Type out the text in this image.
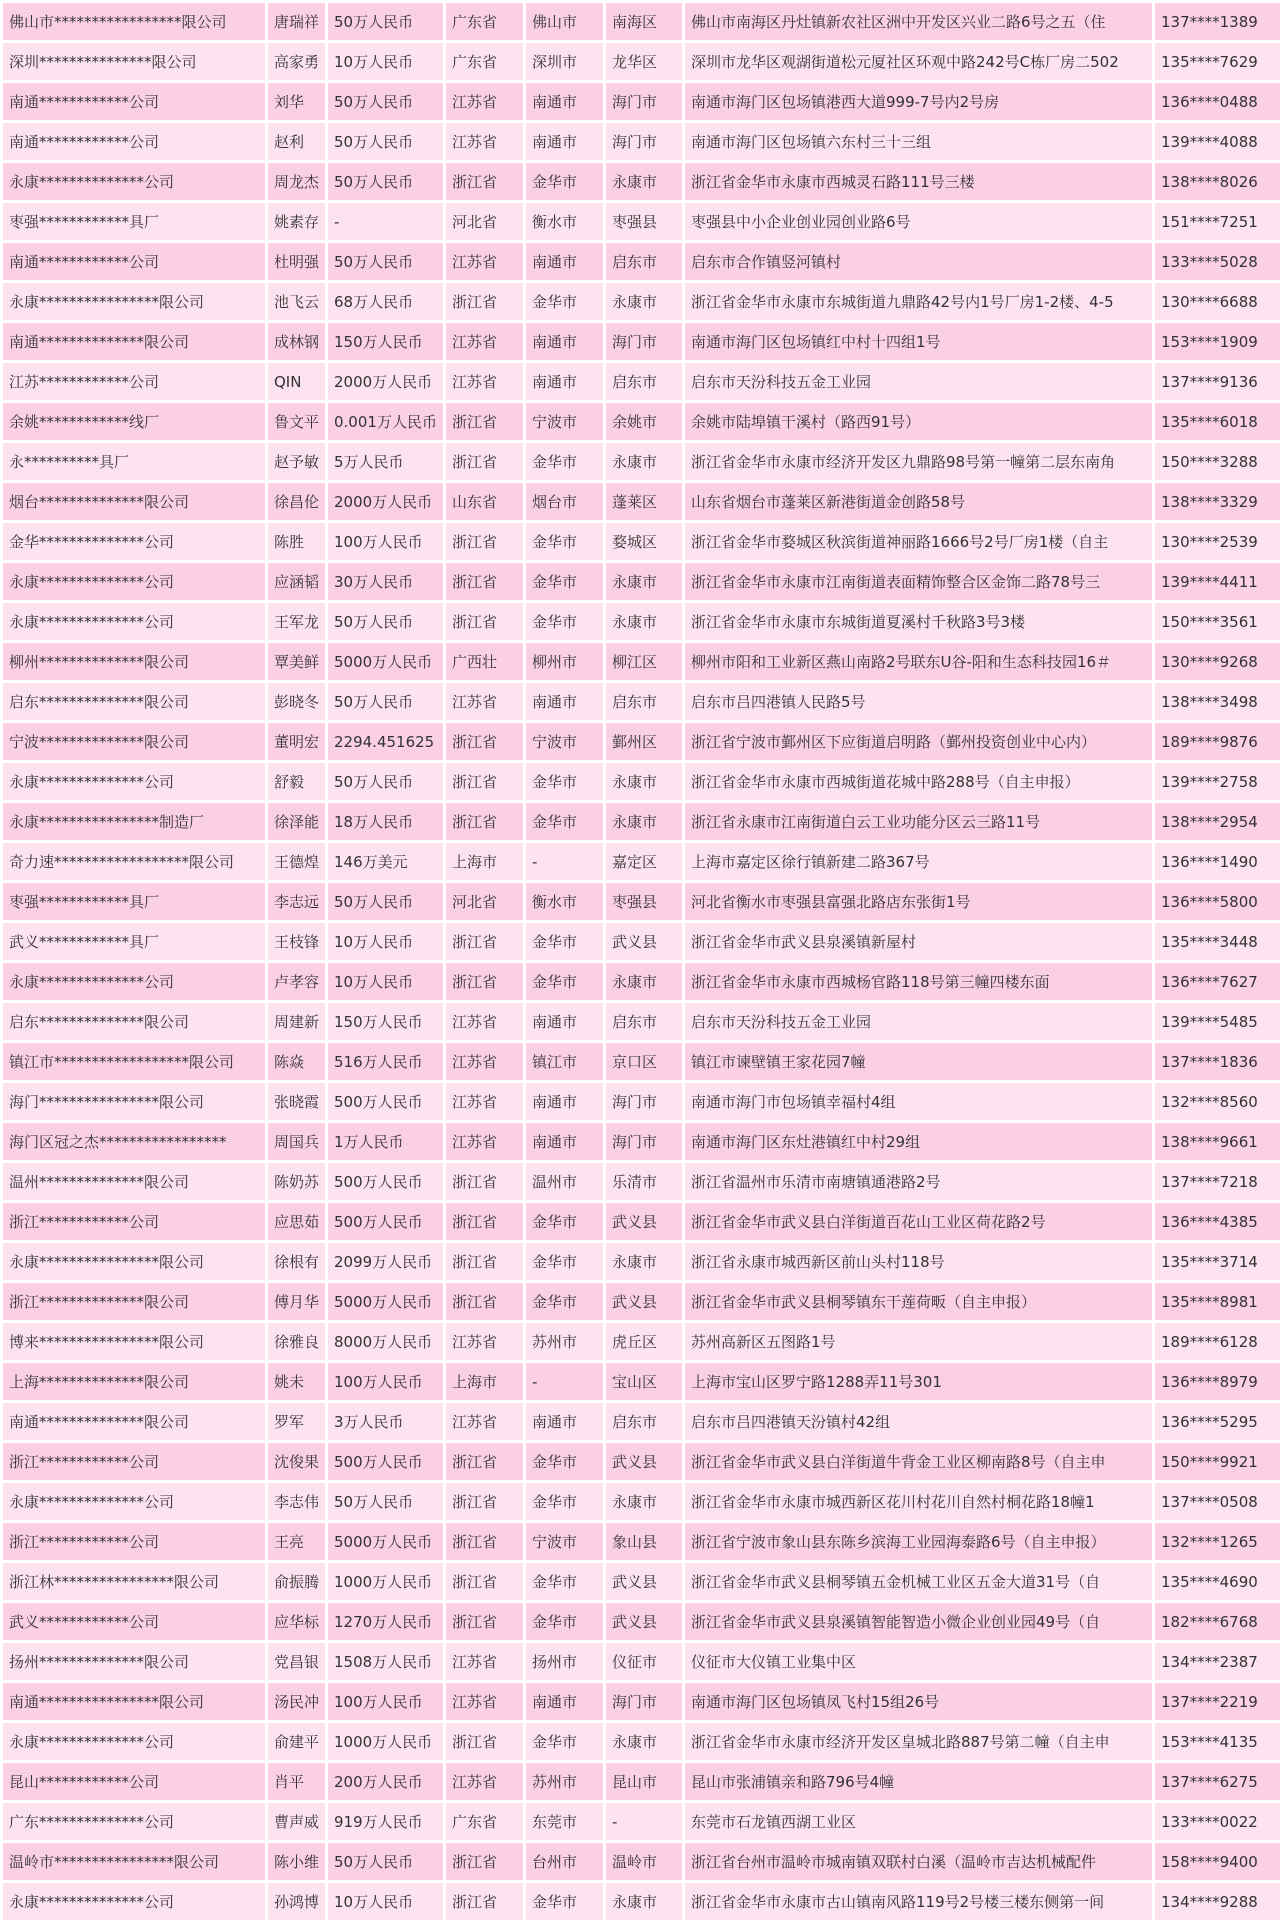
佛山市*****************限公司	唐瑞祥	50万人民币	广东省	佛山市	南海区	佛山市南海区丹灶镇新农社区洲中开发区兴业二路6号之五（住	137****1389
深圳***************限公司	高家勇	10万人民币	广东省	深圳市	龙华区	深圳市龙华区观湖街道松元厦社区环观中路242号C栋厂房二502	135****7629
南通************公司	刘华	50万人民币	江苏省	南通市	海门市	南通市海门区包场镇港西大道999-7号内2号房	136****0488
南通************公司	赵利	50万人民币	江苏省	南通市	海门市	南通市海门区包场镇六东村三十三组	139****4088
永康**************公司	周龙杰	50万人民币	浙江省	金华市	永康市	浙江省金华市永康市西城灵石路111号三楼	138****8026
枣强************具厂	姚素存	-	河北省	衡水市	枣强县	枣强县中小企业创业园创业路6号	151****7251
南通************公司	杜明强	50万人民币	江苏省	南通市	启东市	启东市合作镇竖河镇村	133****5028
永康****************限公司	池飞云	68万人民币	浙江省	金华市	永康市	浙江省金华市永康市东城街道九鼎路42号内1号厂房1-2楼、4-5	130****6688
南通**************限公司	成林钢	150万人民币	江苏省	南通市	海门市	南通市海门区包场镇红中村十四组1号	153****1909
江苏************公司	QIN	2000万人民币	江苏省	南通市	启东市	启东市天汾科技五金工业园	137****9136
余姚************线厂	鲁文平	0.001万人民币	浙江省	宁波市	余姚市	余姚市陆埠镇干溪村（路西91号）	135****6018
永**********具厂	赵予敏	5万人民币	浙江省	金华市	永康市	浙江省金华市永康市经济开发区九鼎路98号第一幢第二层东南角	150****3288
烟台**************限公司	徐昌伦	2000万人民币	山东省	烟台市	蓬莱区	山东省烟台市蓬莱区新港街道金创路58号	138****3329
金华**************公司	陈胜	100万人民币	浙江省	金华市	婺城区	浙江省金华市婺城区秋滨街道神丽路1666号2号厂房1楼（自主	130****2539
永康**************公司	应涵韬	30万人民币	浙江省	金华市	永康市	浙江省金华市永康市江南街道表面精饰整合区金饰二路78号三	139****4411
永康**************公司	王军龙	50万人民币	浙江省	金华市	永康市	浙江省金华市永康市东城街道夏溪村千秋路3号3楼	150****3561
柳州**************限公司	覃美鲜	5000万人民币	广西壮	柳州市	柳江区	柳州市阳和工业新区燕山南路2号联东U谷-阳和生态科技园16＃	130****9268
启东**************限公司	彭晓冬	50万人民币	江苏省	南通市	启东市	启东市吕四港镇人民路5号	138****3498
宁波**************限公司	董明宏	2294.451625	浙江省	宁波市	鄞州区	浙江省宁波市鄞州区下应街道启明路（鄞州投资创业中心内）	189****9876
永康**************公司	舒毅	50万人民币	浙江省	金华市	永康市	浙江省金华市永康市西城街道花城中路288号（自主申报）	139****2758
永康****************制造厂	徐泽能	18万人民币	浙江省	金华市	永康市	浙江省永康市江南街道白云工业功能分区云三路11号	138****2954
奇力速******************限公司	王德煌	146万美元	上海市	-	嘉定区	上海市嘉定区徐行镇新建二路367号	136****1490
枣强************具厂	李志远	50万人民币	河北省	衡水市	枣强县	河北省衡水市枣强县富强北路店东张街1号	136****5800
武义************具厂	王枝锋	10万人民币	浙江省	金华市	武义县	浙江省金华市武义县泉溪镇新屋村	135****3448
永康**************公司	卢孝容	10万人民币	浙江省	金华市	永康市	浙江省金华市永康市西城杨官路118号第三幢四楼东面	136****7627
启东**************限公司	周建新	150万人民币	江苏省	南通市	启东市	启东市天汾科技五金工业园	139****5485
镇江市******************限公司	陈焱	516万人民币	江苏省	镇江市	京口区	镇江市谏壁镇王家花园7幢	137****1836
海门****************限公司	张晓霞	500万人民币	江苏省	南通市	海门市	南通市海门市包场镇幸福村4组	132****8560
海门区冠之杰*****************	周国兵	1万人民币	江苏省	南通市	海门市	南通市海门区东灶港镇红中村29组	138****9661
温州**************限公司	陈奶苏	500万人民币	浙江省	温州市	乐清市	浙江省温州市乐清市南塘镇通港路2号	137****7218
浙江************公司	应思茹	500万人民币	浙江省	金华市	武义县	浙江省金华市武义县白洋街道百花山工业区荷花路2号	136****4385
永康****************限公司	徐根有	2099万人民币	浙江省	金华市	永康市	浙江省永康市城西新区前山头村118号	135****3714
浙江**************限公司	傅月华	5000万人民币	浙江省	金华市	武义县	浙江省金华市武义县桐琴镇东干莲荷畈（自主申报）	135****8981
博来****************限公司	徐雅良	8000万人民币	江苏省	苏州市	虎丘区	苏州高新区五图路1号	189****6128
上海**************限公司	姚未	100万人民币	上海市	-	宝山区	上海市宝山区罗宁路1288弄11号301	136****8979
南通**************限公司	罗军	3万人民币	江苏省	南通市	启东市	启东市吕四港镇天汾镇村42组	136****5295
浙江************公司	沈俊果	500万人民币	浙江省	金华市	武义县	浙江省金华市武义县白洋街道牛背金工业区柳南路8号（自主申	150****9921
永康**************公司	李志伟	50万人民币	浙江省	金华市	永康市	浙江省金华市永康市城西新区花川村花川自然村桐花路18幢1	137****0508
浙江************公司	王亮	5000万人民币	浙江省	宁波市	象山县	浙江省宁波市象山县东陈乡滨海工业园海泰路6号（自主申报）	132****1265
浙江林****************限公司	俞振腾	1000万人民币	浙江省	金华市	武义县	浙江省金华市武义县桐琴镇五金机械工业区五金大道31号（自	135****4690
武义************公司	应华标	1270万人民币	浙江省	金华市	武义县	浙江省金华市武义县泉溪镇智能智造小微企业创业园49号（自	182****6768
扬州**************限公司	党昌银	1508万人民币	江苏省	扬州市	仪征市	仪征市大仪镇工业集中区	134****2387
南通****************限公司	汤民冲	100万人民币	江苏省	南通市	海门市	南通市海门区包场镇凤飞村15组26号	137****2219
永康**************公司	俞建平	1000万人民币	浙江省	金华市	永康市	浙江省金华市永康市经济开发区皇城北路887号第二幢（自主申	153****4135
昆山************公司	肖平	200万人民币	江苏省	苏州市	昆山市	昆山市张浦镇亲和路796号4幢	137****6275
广东**************公司	曹声威	919万人民币	广东省	东莞市	-	东莞市石龙镇西湖工业区	133****0022
温岭市****************限公司	陈小维	50万人民币	浙江省	台州市	温岭市	浙江省台州市温岭市城南镇双联村白溪（温岭市吉达机械配件	158****9400
永康**************公司	孙鸿博	10万人民币	浙江省	金华市	永康市	浙江省金华市永康市古山镇南风路119号2号楼三楼东侧第一间	134****9288
